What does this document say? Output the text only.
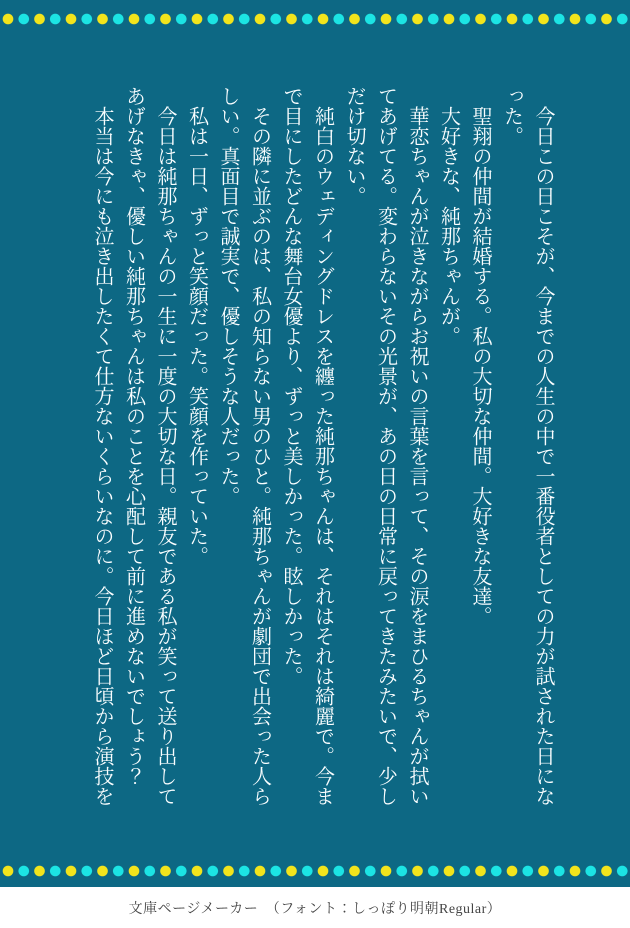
今日この日こそが、今までの人生の中で一番役者としての力が試された日になった。

聖翔の仲間が結婚する。私の大切な仲間。大好きな友達。

大好きな、純那ちゃんが。

華恋ちゃんが泣きながらお祝いの言葉を言って、その涙をまひるちゃんが拭いてあげてる。変わらないその光景が、あの日の日常に戻ってきたみたいで、少しだけ切ない。

純白のウェディングドレスを纏った純那ちゃんは、それはそれは綺麗で。今まで目にしたどんな舞台女優より、ずっと美しかった。眩しかった。

その隣に並ぶのは、私の知らない男のひと。純那ちゃんが劇団で出会った人らしい。真面目で誠実で、優しそうな人だった。

私は一日、ずっと笑顔だった。笑顔を作っていた。

今日は純那ちゃんの一生に一度の大切な日。親友である私が笑って送り出してあげなきゃ、優しい純那ちゃんは私のことを心配して前に進めないでしょう？

本当は今にも泣き出したくて仕方ないくらいなのに。今日ほど日頃から演技を

文庫ページメーカー　（フォント：しっぽり明朝Regular）
